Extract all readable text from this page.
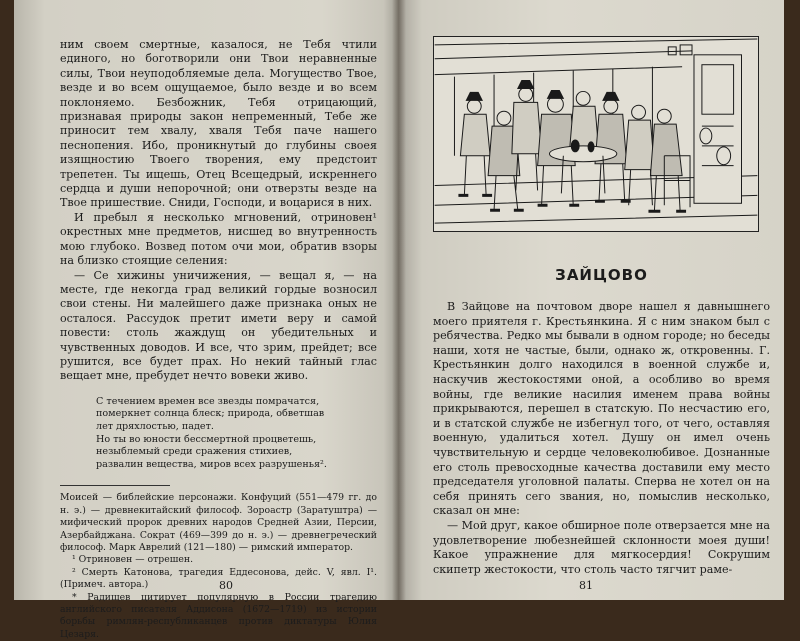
ним своем смертные, казалося, не Тебя чтили единого, но боготворили они Твои неравненные силы, Твои неуподобляемые дела. Могущество Твое, везде и во всем ощущаемое, было везде и во всем поклоняемо. Безбожник, Тебя отрицающий, признавая природы закон непременный, Тебе же приносит тем хвалу, хваля Тебя паче нашего песнопения. Ибо, проникнутый до глубины своея изящностию Твоего творения, ему предстоит трепетен. Ты ищешь, Отец Всещедрый, искреннего сердца и души непорочной; они отверзты везде на Твое пришествие. Сниди, Господи, и воцарися в них.

И пребыл я несколько мгновений, отриновен¹ окрестных мне предметов, нисшед во внутренность мою глубоко. Возвед потом очи мои, обратив взоры на близко стоящие селения:

— Се хижины уничижения, — вещал я, — на месте, где некогда град великий гордые возносил свои стены. Ни малейшего даже признака оных не осталося. Рассудок претит имети веру и самой повести: столь жаждущ он убедительных и чувственных доводов. И все, что зрим, прейдет; все рушится, все будет прах. Но некий тайный глас вещает мне, пребудет нечто вовеки живо.

С течением времен все звезды помрачатся,
померкнет солнца блеск; природа, обветшав
лет дряхлостью, падет.
Но ты во юности бессмертной процветешь,
незыблемый среди сражения стихиев,
развалин вещества, миров всех разрушенья².

Моисей — библейские персонажи. Конфуций (551—479 гг. до н. э.) — древнекитайский философ. Зороастр (Заратуштра) — мифический пророк древних народов Средней Азии, Персии, Азербайджана. Сократ (469—399 до н. э.) — древнегреческий философ. Марк Аврелий (121—180) — римский император.

¹ Отриновен — отрешен.

² Смерть Катонова, трагедия Еддесонова, дейс. V, явл. I¹. (Примеч. автора.)

* Радищев цитирует популярную в России трагедию английского писателя Аддисона (1672—1719) из истории борьбы римлян-республиканцев против диктатуры Юлия Цезаря.

80
ЗАЙЦОВО

В Зайцове на почтовом дворе нашел я давнышнего моего приятеля г. Крестьянкина. Я с ним знаком был с ребячества. Редко мы бывали в одном городе; но беседы наши, хотя не частые, были, однако ж, откровенны. Г. Крестьянкин долго находился в военной службе и, наскучив жестокостями оной, а особливо во время войны, где великие насилия именем права войны прикрываются, перешел в статскую. По несчастию его, и в статской службе не избегнул того, от чего, оставляя военную, удалиться хотел. Душу он имел очень чувствительную и сердце человеколюбивое. Дознанные его столь превосходные качества доставили ему место председателя уголовной палаты. Сперва не хотел он на себя принять сего звания, но, помыслив несколько, сказал он мне:

— Мой друг, какое обширное поле отверзается мне на удовлетворение любезнейшей склонности моея души! Какое упражнение для мягкосердия! Сокрушим скипетр жестокости, что столь часто тягчит раме-

81
